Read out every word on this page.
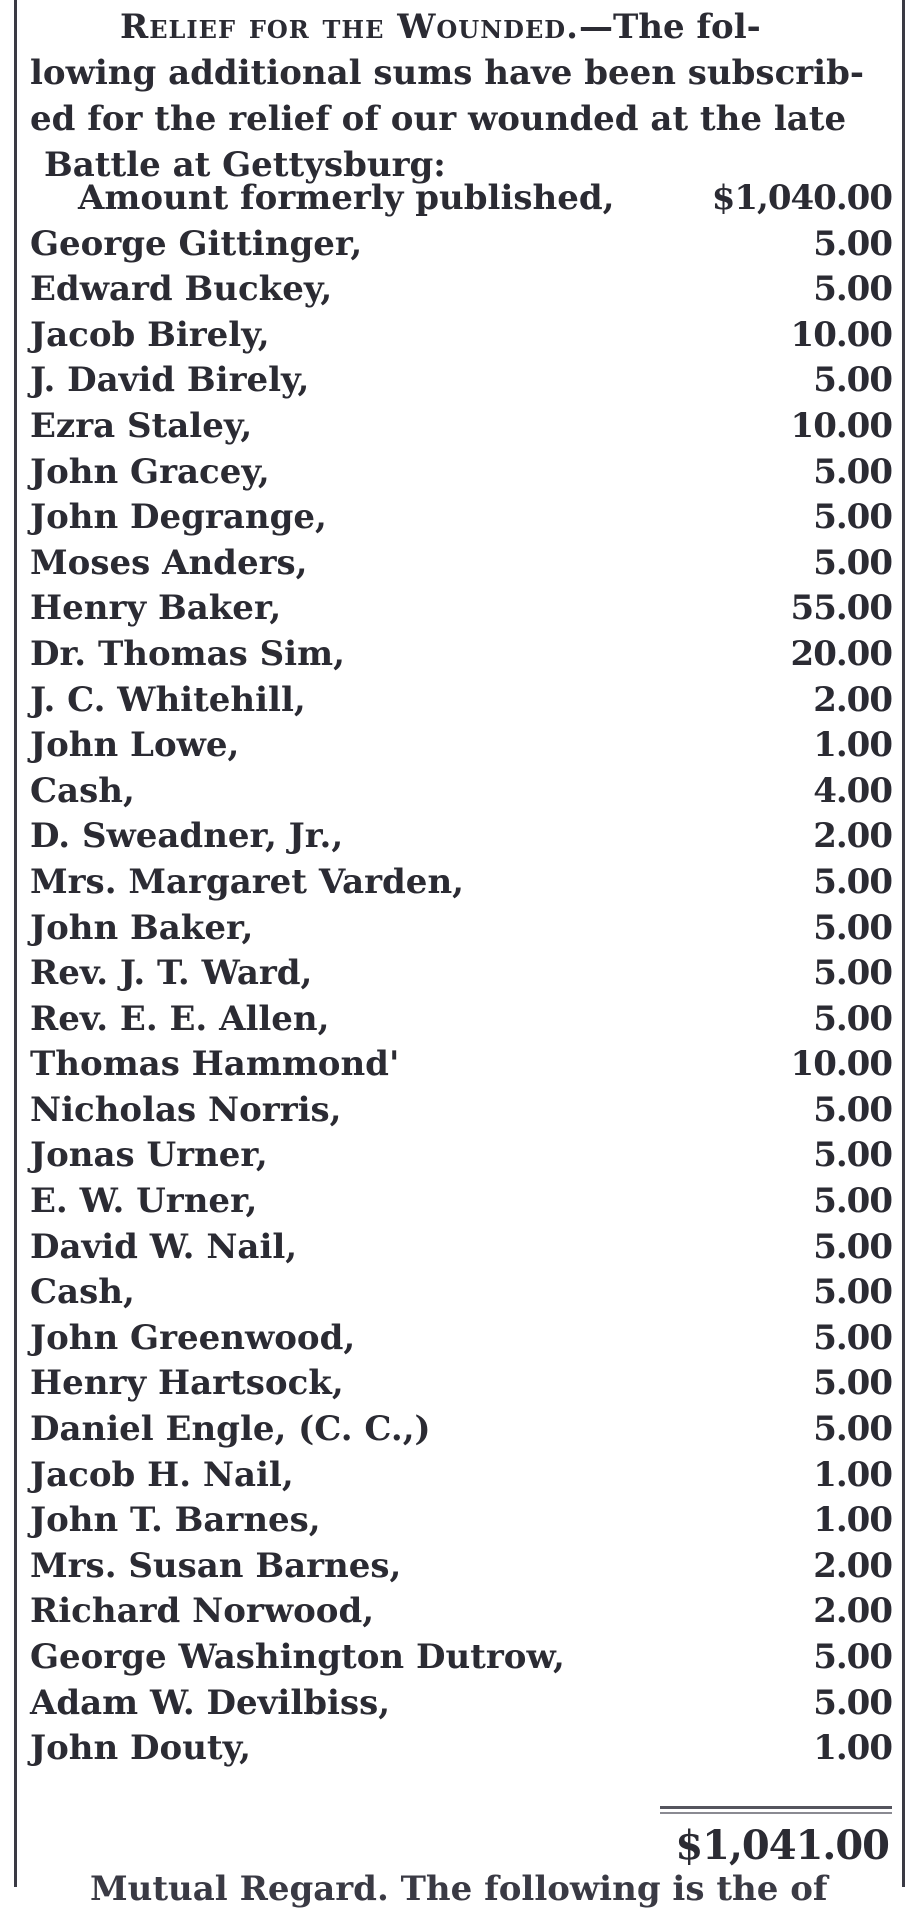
Relief for the Wounded.—The fol-
lowing additional sums have been subscrib-
ed for the relief of our wounded at the late
Battle at Gettysburg:

Amount formerly published,	$1,040.00
George Gittinger,	5.00
Edward Buckey,	5.00
Jacob Birely,	10.00
J. David Birely,	5.00
Ezra Staley,	10.00
John Gracey,	5.00
John Degrange,	5.00
Moses Anders,	5.00
Henry Baker,	55.00
Dr. Thomas Sim,	20.00
J. C. Whitehill,	2.00
John Lowe,	1.00
Cash,	4.00
D. Sweadner, Jr.,	2.00
Mrs. Margaret Varden,	5.00
John Baker,	5.00
Rev. J. T. Ward,	5.00
Rev. E. E. Allen,	5.00
Thomas Hammond'	10.00
Nicholas Norris,	5.00
Jonas Urner,	5.00
E. W. Urner,	5.00
David W. Nail,	5.00
Cash,	5.00
John Greenwood,	5.00
Henry Hartsock,	5.00
Daniel Engle, (C. C.,)	5.00
Jacob H. Nail,	1.00
John T. Barnes,	1.00
Mrs. Susan Barnes,	2.00
Richard Norwood,	2.00
George Washington Dutrow,	5.00
Adam W. Devilbiss,	5.00
John Douty,	1.00
$1,041.00
Mutual Regard. The following is the of
